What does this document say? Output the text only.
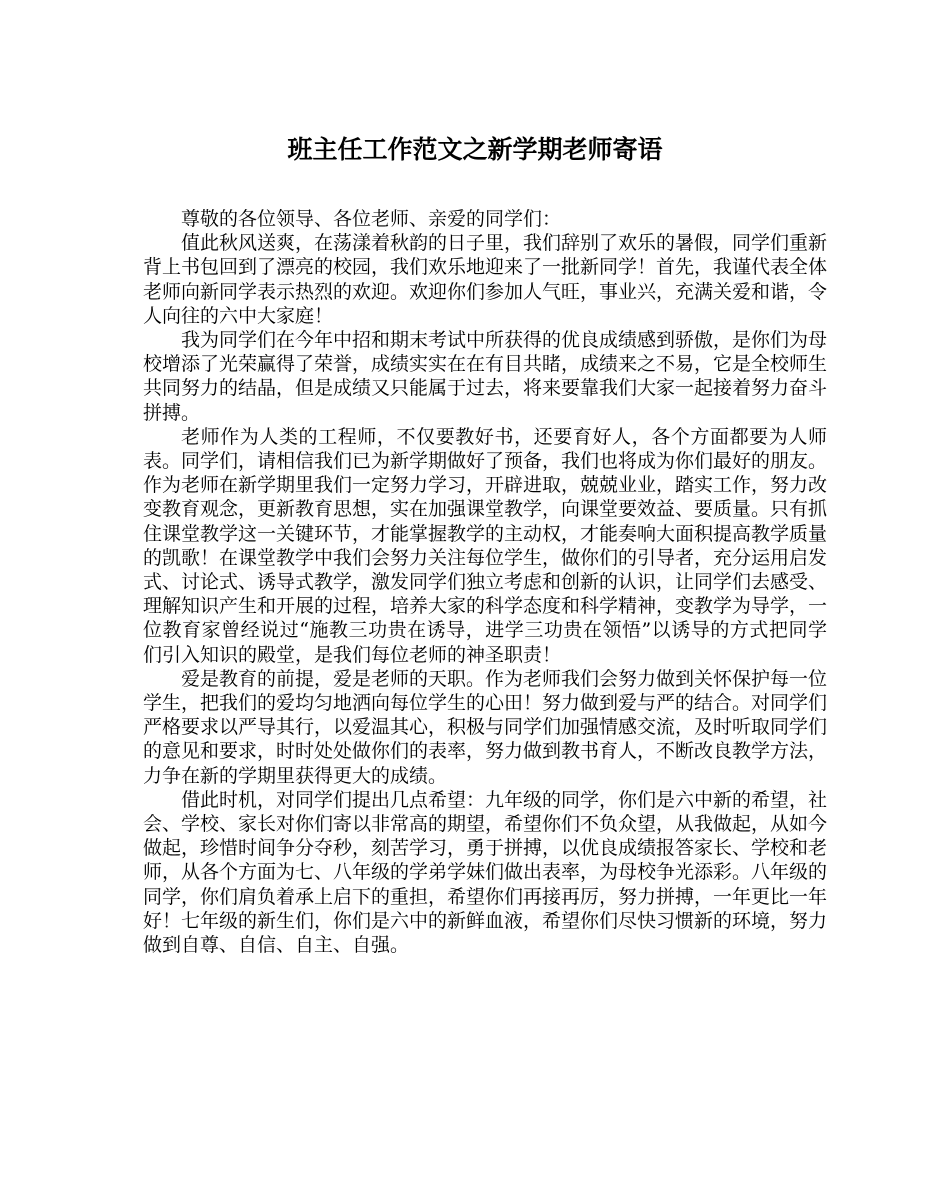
班主任工作范文之新学期老师寄语

尊敬的各位领导、各位老师、亲爱的同学们：

值此秋风送爽，在荡漾着秋韵的日子里，我们辞别了欢乐的暑假，同学们重新背上书包回到了漂亮的校园，我们欢乐地迎来了一批新同学！首先，我谨代表全体老师向新同学表示热烈的欢迎。欢迎你们参加人气旺，事业兴，充满关爱和谐，令人向往的六中大家庭！

我为同学们在今年中招和期末考试中所获得的优良成绩感到骄傲，是你们为母校增添了光荣赢得了荣誉，成绩实实在在有目共睹，成绩来之不易，它是全校师生共同努力的结晶，但是成绩又只能属于过去，将来要靠我们大家一起接着努力奋斗拼搏。

老师作为人类的工程师，不仅要教好书，还要育好人，各个方面都要为人师表。同学们，请相信我们已为新学期做好了预备，我们也将成为你们最好的朋友。作为老师在新学期里我们一定努力学习，开辟进取，兢兢业业，踏实工作，努力改变教育观念，更新教育思想，实在加强课堂教学，向课堂要效益、要质量。只有抓住课堂教学这一关键环节，才能掌握教学的主动权，才能奏响大面积提高教学质量的凯歌！在课堂教学中我们会努力关注每位学生，做你们的引导者，充分运用启发式、讨论式、诱导式教学，激发同学们独立考虑和创新的认识，让同学们去感受、理解知识产生和开展的过程，培养大家的科学态度和科学精神，变教学为导学，一位教育家曾经说过“施教三功贵在诱导，进学三功贵在领悟”以诱导的方式把同学们引入知识的殿堂，是我们每位老师的神圣职责！

爱是教育的前提，爱是老师的天职。作为老师我们会努力做到关怀保护每一位学生，把我们的爱均匀地洒向每位学生的心田！努力做到爱与严的结合。对同学们严格要求以严导其行，以爱温其心，积极与同学们加强情感交流，及时听取同学们的意见和要求，时时处处做你们的表率，努力做到教书育人，不断改良教学方法，力争在新的学期里获得更大的成绩。

借此时机，对同学们提出几点希望：九年级的同学，你们是六中新的希望，社会、学校、家长对你们寄以非常高的期望，希望你们不负众望，从我做起，从如今做起，珍惜时间争分夺秒，刻苦学习，勇于拼搏，以优良成绩报答家长、学校和老师，从各个方面为七、八年级的学弟学妹们做出表率，为母校争光添彩。八年级的同学，你们肩负着承上启下的重担，希望你们再接再厉，努力拼搏，一年更比一年好！七年级的新生们，你们是六中的新鲜血液，希望你们尽快习惯新的环境，努力做到自尊、自信、自主、自强。
